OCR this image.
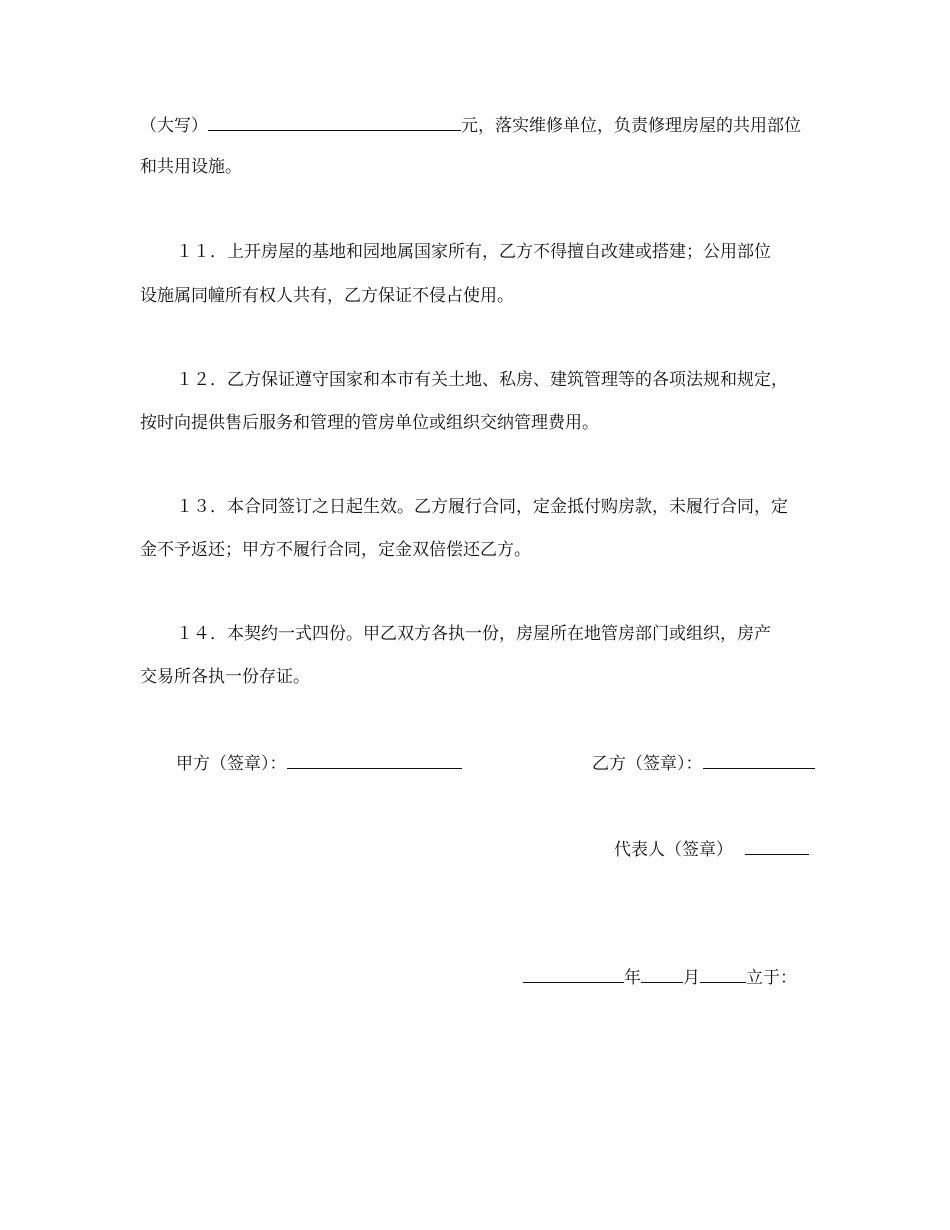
（大写）	元，落实维修单位，负责修理房屋的共用部位
和共用设施。
１１．上开房屋的基地和园地属国家所有，乙方不得擅自改建或搭建；公用部位
设施属同幢所有权人共有，乙方保证不侵占使用。
１２．乙方保证遵守国家和本市有关土地、私房、建筑管理等的各项法规和规定，
按时向提供售后服务和管理的管房单位或组织交纳管理费用。
１３．本合同签订之日起生效。乙方履行合同，定金抵付购房款，未履行合同，定
金不予返还；甲方不履行合同，定金双倍偿还乙方。
１４．本契约一式四份。甲乙双方各执一份，房屋所在地管房部门或组织，房产
交易所各执一份存证。
甲方（签章）：	乙方（签章）：
代表人（签章）
年 月	立于：
